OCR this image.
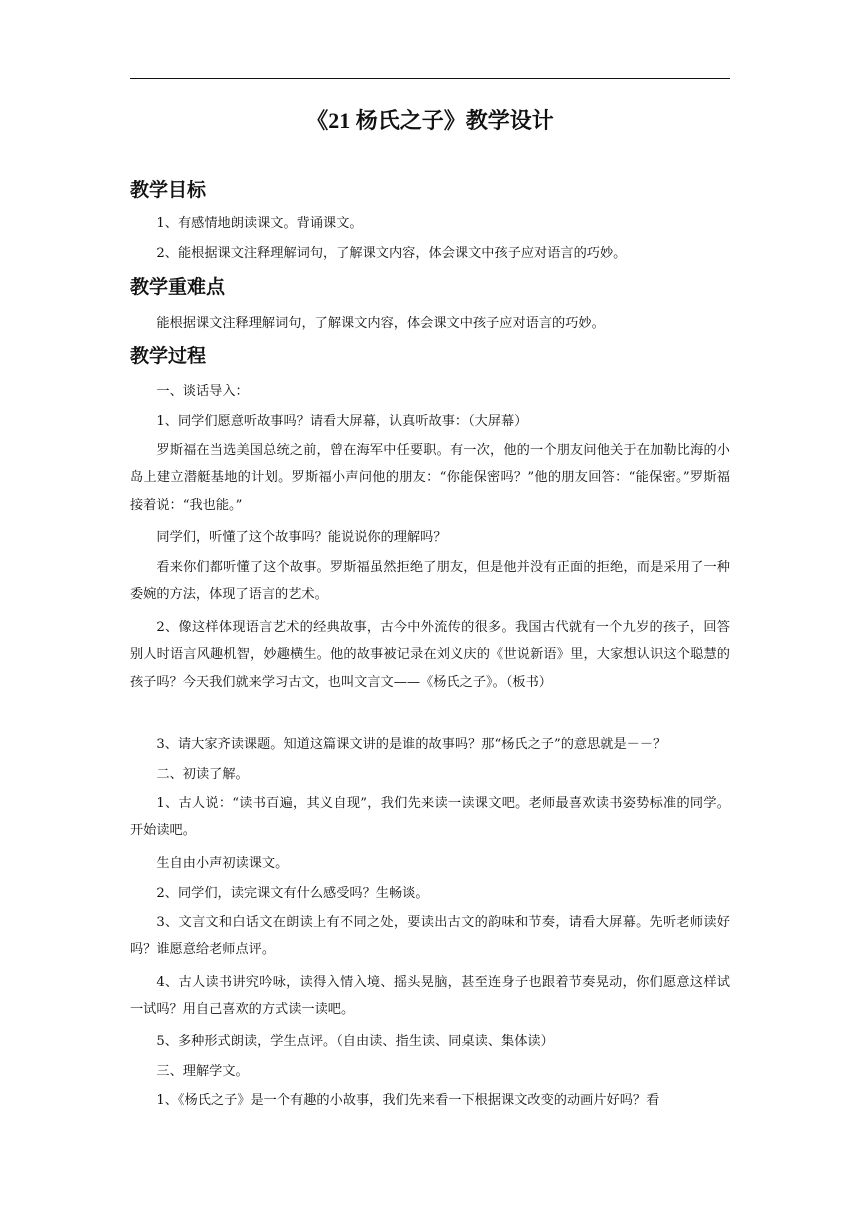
《21 杨氏之子》教学设计
教学目标

1、有感情地朗读课文。背诵课文。

2、能根据课文注释理解词句，了解课文内容，体会课文中孩子应对语言的巧妙。

教学重难点

能根据课文注释理解词句，了解课文内容，体会课文中孩子应对语言的巧妙。

教学过程

一、谈话导入：

1、同学们愿意听故事吗？请看大屏幕，认真听故事：（大屏幕）

罗斯福在当选美国总统之前，曾在海军中任要职。有一次，他的一个朋友问他关于在加勒比海的小岛上建立潜艇基地的计划。罗斯福小声问他的朋友：“你能保密吗？”他的朋友回答：“能保密。”罗斯福接着说：“我也能。”

同学们，听懂了这个故事吗？能说说你的理解吗？

看来你们都听懂了这个故事。罗斯福虽然拒绝了朋友，但是他并没有正面的拒绝，而是采用了一种委婉的方法，体现了语言的艺术。

2、像这样体现语言艺术的经典故事，古今中外流传的很多。我国古代就有一个九岁的孩子，回答别人时语言风趣机智，妙趣横生。他的故事被记录在刘义庆的《世说新语》里，大家想认识这个聪慧的孩子吗？今天我们就来学习古文，也叫文言文——《杨氏之子》。（板书）

3、请大家齐读课题。知道这篇课文讲的是谁的故事吗？那“杨氏之子”的意思就是－－？

二、初读了解。

1、古人说：“读书百遍，其义自现”，我们先来读一读课文吧。老师最喜欢读书姿势标准的同学。开始读吧。

生自由小声初读课文。

2、同学们，读完课文有什么感受吗？生畅谈。

3、文言文和白话文在朗读上有不同之处，要读出古文的韵味和节奏，请看大屏幕。先听老师读好吗？谁愿意给老师点评。

4、古人读书讲究吟咏，读得入情入境、摇头晃脑，甚至连身子也跟着节奏晃动，你们愿意这样试一试吗？用自己喜欢的方式读一读吧。

5、多种形式朗读，学生点评。（自由读、指生读、同桌读、集体读）

三、理解学文。

1、《杨氏之子》是一个有趣的小故事，我们先来看一下根据课文改变的动画片好吗？看
